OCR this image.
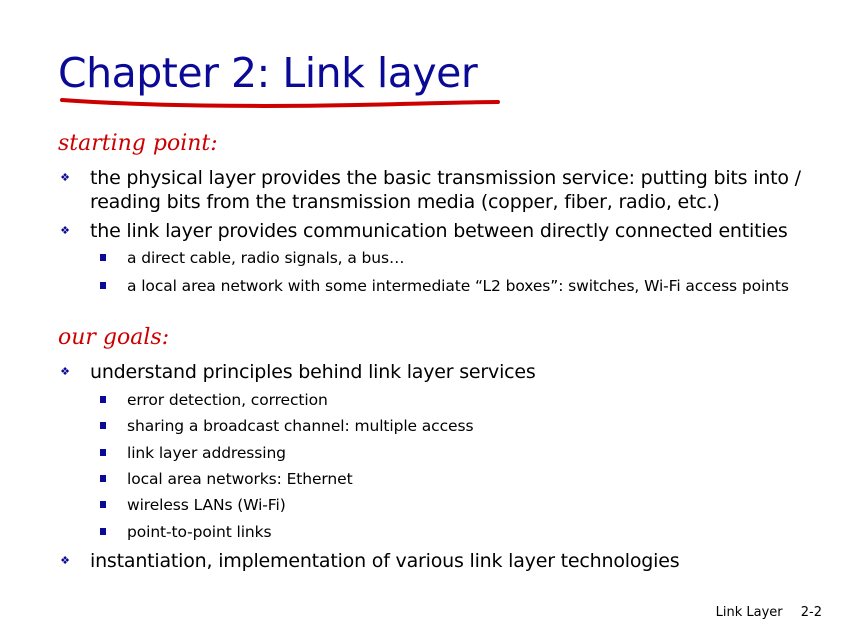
Chapter 2: Link layer
starting point:
❖ the physical layer provides the basic transmission service: putting bits into / reading bits from the transmission media (copper, fiber, radio, etc.)
❖ the link layer provides communication between directly connected entities
a direct cable, radio signals, a bus…
a local area network with some intermediate “L2 boxes”: switches, Wi-Fi access points
our goals:
❖ understand principles behind link layer services
error detection, correction
sharing a broadcast channel: multiple access
link layer addressing
local area networks: Ethernet
wireless LANs (Wi-Fi)
point-to-point links
❖ instantiation, implementation of various link layer technologies
Link Layer 2-2
